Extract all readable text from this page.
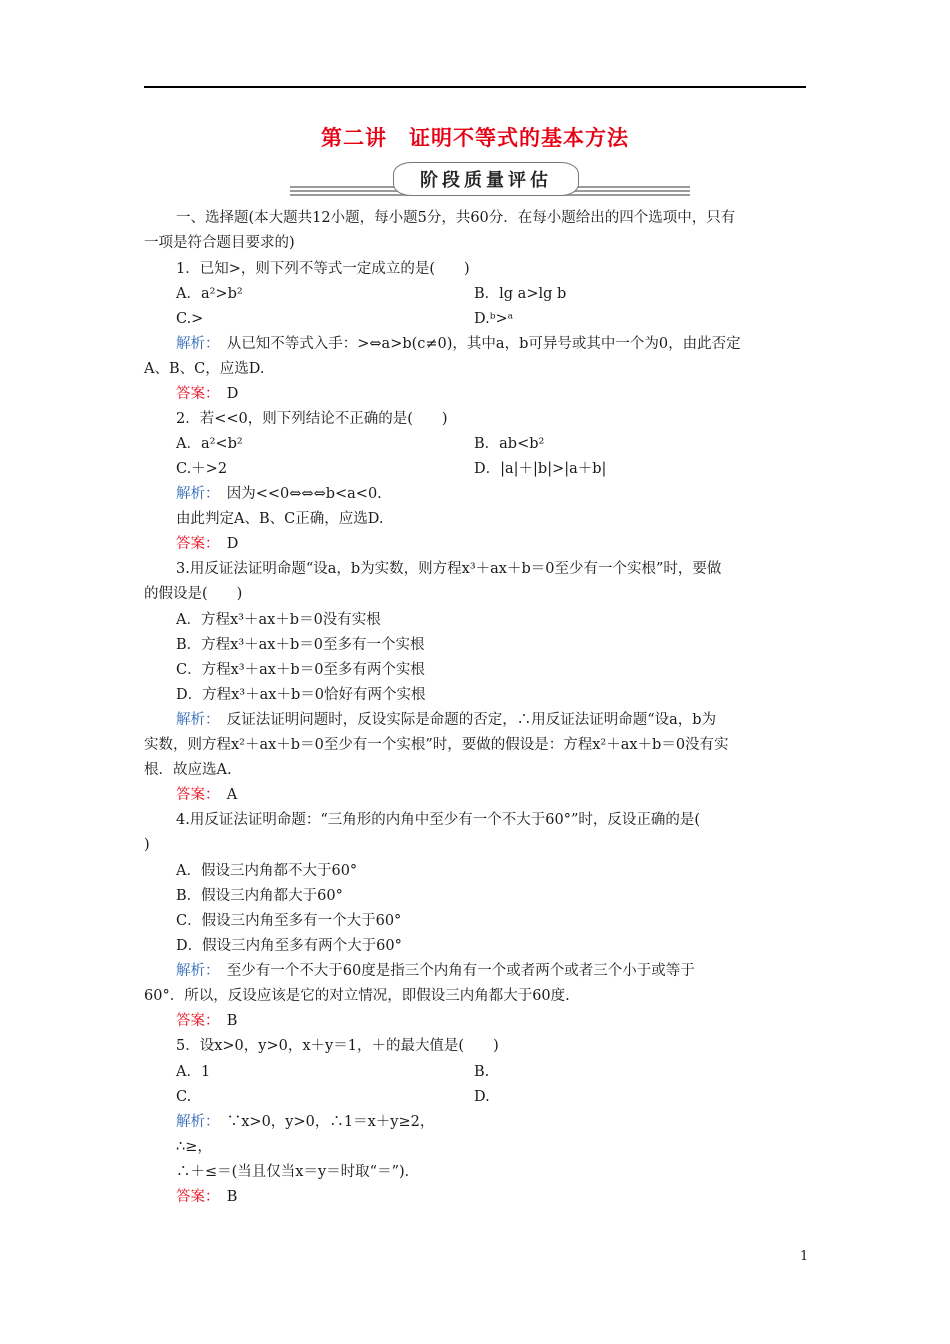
第二讲　证明不等式的基本方法
阶段质量评估
一、选择题(本大题共12小题，每小题5分，共60分．在每小题给出的四个选项中，只有
一项是符合题目要求的)
1．已知>，则下列不等式一定成立的是(　　)
A．a²>b²	B．lg a>lg b
C.>	D.ᵇ>ᵃ
解析：　从已知不等式入手：>⇔a>b(c≠0)，其中a，b可异号或其中一个为0，由此否定
A、B、C，应选D.
答案：　D
2．若<<0，则下列结论不正确的是(　　)
A．a²<b²	B．ab<b²
C.＋>2	D．|a|＋|b|>|a＋b|
解析：　因为<<0⇔⇔⇔b<a<0.
由此判定A、B、C正确，应选D.
答案：　D
3.用反证法证明命题“设a，b为实数，则方程x³＋ax＋b＝0至少有一个实根”时，要做
的假设是(　　)
A．方程x³＋ax＋b＝0没有实根
B．方程x³＋ax＋b＝0至多有一个实根
C．方程x³＋ax＋b＝0至多有两个实根
D．方程x³＋ax＋b＝0恰好有两个实根
解析：　反证法证明问题时，反设实际是命题的否定，∴用反证法证明命题“设a，b为
实数，则方程x²＋ax＋b＝0至少有一个实根”时，要做的假设是：方程x²＋ax＋b＝0没有实
根．故应选A.
答案：　A
4.用反证法证明命题：“三角形的内角中至少有一个不大于60°”时，反设正确的是(
)
A．假设三内角都不大于60°
B．假设三内角都大于60°
C．假设三内角至多有一个大于60°
D．假设三内角至多有两个大于60°
解析：　至少有一个不大于60度是指三个内角有一个或者两个或者三个小于或等于
60°．所以，反设应该是它的对立情况，即假设三内角都大于60度.
答案：　B
5．设x>0，y>0，x＋y＝1，＋的最大值是(　　)
A．1	B.
C.	D.
解析：　∵x>0，y>0，∴1＝x＋y≥2，
∴≥，
∴＋≤＝(当且仅当x＝y＝时取“＝”)．
答案：　B
1
